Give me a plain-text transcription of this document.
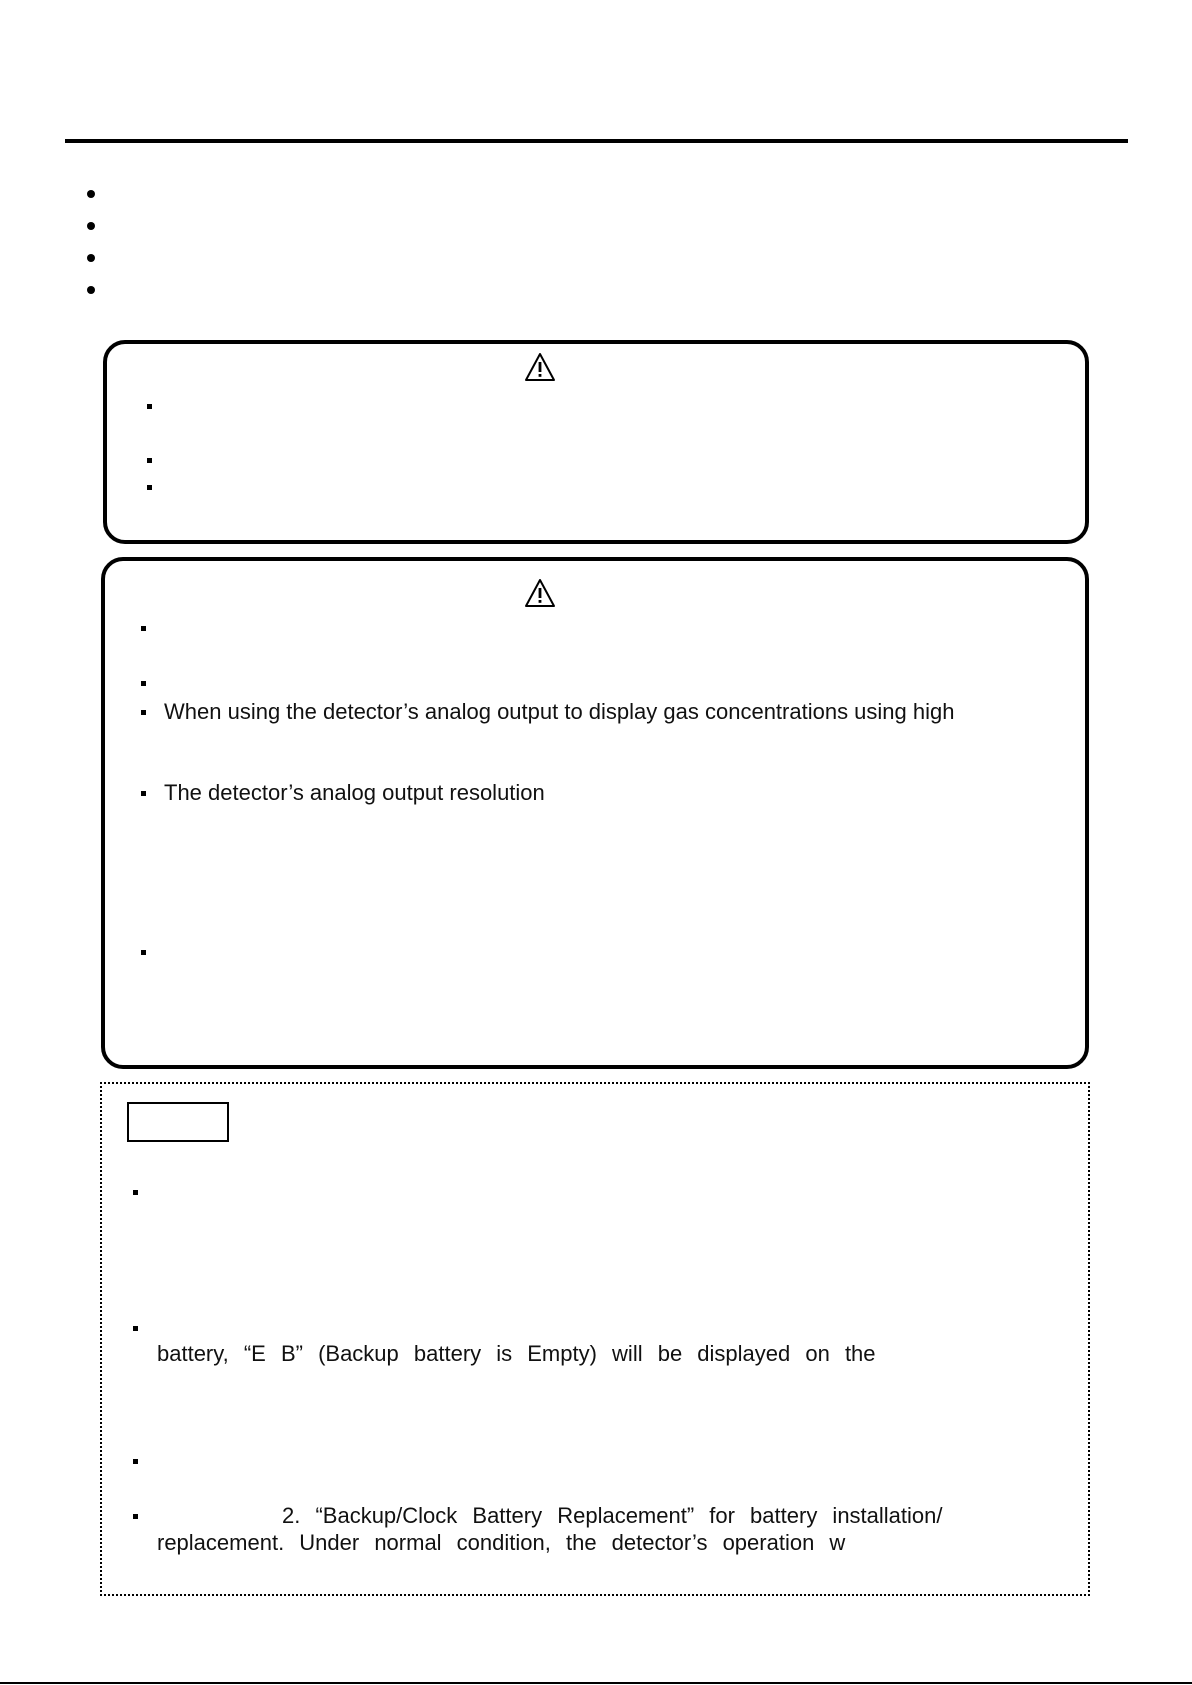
When using the detector’s analog output to display gas concentrations using high
The detector’s analog output resolution
battery, “E B” (Backup battery is Empty) will be displayed on the
2. “Backup/Clock Battery Replacement” for battery installation/
replacement. Under normal condition, the detector’s operation w
